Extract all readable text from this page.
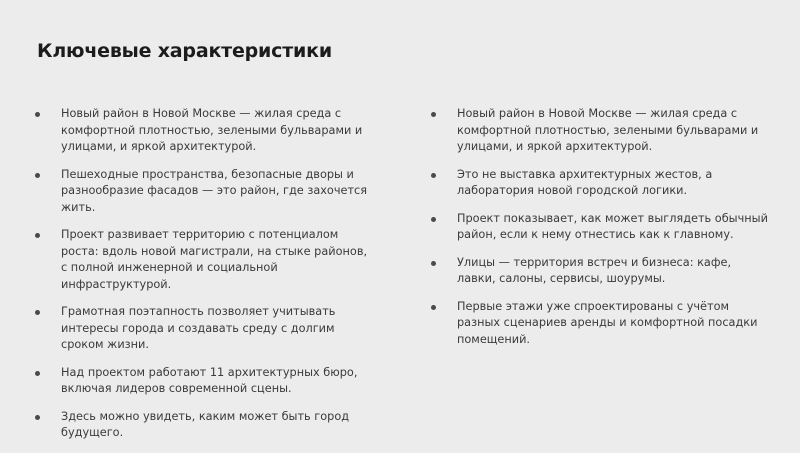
Ключевые характеристики
Новый район в Новой Москве — жилая среда с комфортной плотностью, зелеными бульварами и улицами, и яркой архитектурой.
Пешеходные пространства, безопасные дворы и разнообразие фасадов — это район, где захочется жить.
Проект развивает территорию с потенциалом роста: вдоль новой магистрали, на стыке районов, с полной инженерной и социальной инфраструктурой.
Грамотная поэтапность позволяет учитывать интересы города и создавать среду с долгим сроком жизни.
Над проектом работают 11 архитектурных бюро, включая лидеров современной сцены.
Здесь можно увидеть, каким может быть город будущего.
Новый район в Новой Москве — жилая среда с комфортной плотностью, зелеными бульварами и улицами, и яркой архитектурой.
Это не выставка архитектурных жестов, а лаборатория новой городской логики.
Проект показывает, как может выглядеть обычный район, если к нему отнестись как к главному.
Улицы — территория встреч и бизнеса: кафе, лавки, салоны, сервисы, шоурумы.
Первые этажи уже спроектированы с учётом разных сценариев аренды и комфортной посадки помещений.
